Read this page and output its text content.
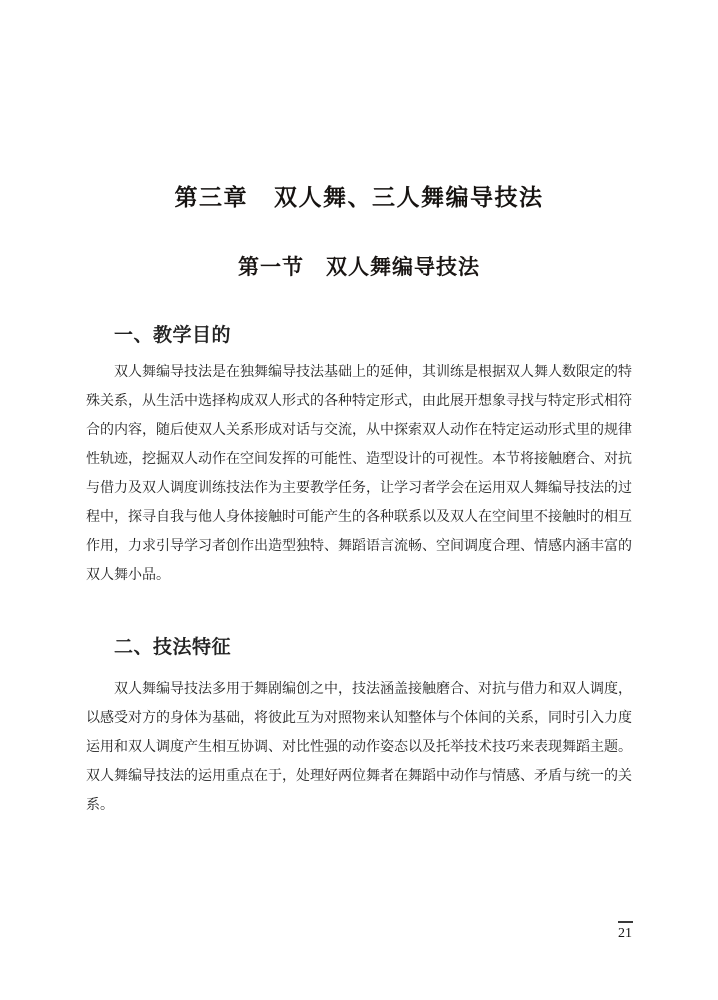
第三章 双人舞、三人舞编导技法
第一节 双人舞编导技法
一、教学目的

双人舞编导技法是在独舞编导技法基础上的延伸，其训练是根据双人舞人数限定的特殊关系，从生活中选择构成双人形式的各种特定形式，由此展开想象寻找与特定形式相符合的内容，随后使双人关系形成对话与交流，从中探索双人动作在特定运动形式里的规律性轨迹，挖掘双人动作在空间发挥的可能性、造型设计的可视性。本节将接触磨合、对抗与借力及双人调度训练技法作为主要教学任务，让学习者学会在运用双人舞编导技法的过程中，探寻自我与他人身体接触时可能产生的各种联系以及双人在空间里不接触时的相互作用，力求引导学习者创作出造型独特、舞蹈语言流畅、空间调度合理、情感内涵丰富的双人舞小品。

二、技法特征

双人舞编导技法多用于舞剧编创之中，技法涵盖接触磨合、对抗与借力和双人调度，以感受对方的身体为基础，将彼此互为对照物来认知整体与个体间的关系，同时引入力度运用和双人调度产生相互协调、对比性强的动作姿态以及托举技术技巧来表现舞蹈主题。双人舞编导技法的运用重点在于，处理好两位舞者在舞蹈中动作与情感、矛盾与统一的关系。

21
